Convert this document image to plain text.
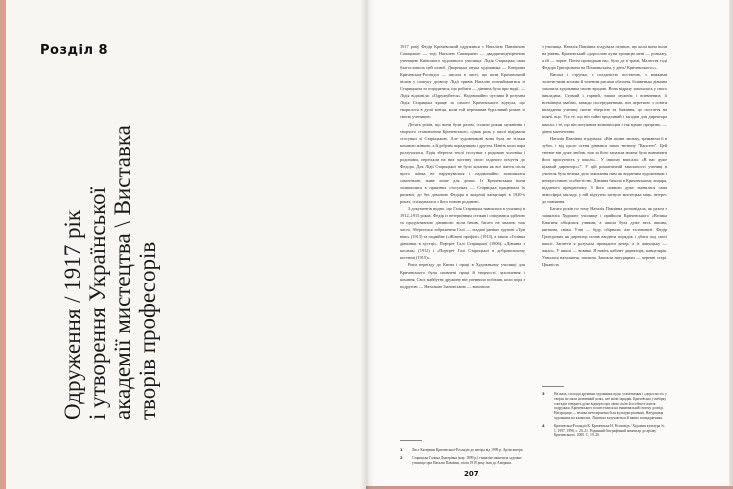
Розділ 8
Одруження / 1917 рік і утворення Української академії мистецтва \ Виставка творів професорів

1917 року Федір Кричевський одружився з Наталією Павлівною Сапацькою — тоді Наталею Сапацькою — двадцятиоднорічною ученицею Київського художнього училища. Лідія Старицька сама благословила цей шлюб. Дворецька онука художника — Катерина Кричевська-Росандіч — писала в листі, що коли Кричевський пішов у пошуку дозволу Лідії тривів Наталію познайомитися зі Старицьком та порадитися, що робити — дівчина була при надії, — Лідія відповіла: «Одружуйтеся». Надзвичайно чутлива й розумна Лідія Старицька краще за самого Кричевського відчула, що творилося в душі митця, коли той переживав бурхливий роман зі своєю ученицею.

Десять років, що вони були разом, сплили рокам мужніння і творчого становлення Кричевського, однак роль у змозі відірвали стосунки зі Старицькою. Але художникові вона була не тільки коханою жінкою, а й добрим порадником і другом. Навіть коли пара розлучилася, Лідія зберегла теплі стосунки з родиною чоловіка і родичами, переїхали на них частину свого гаданого почуття до Федора. Для Лідії Старицької не було кохання як все життя після цього жінка не наружувалася і надзвичайно залишилася самотньою, живе лише для дочки. Із Кричевським вони залишилися в приязних стосунках — Старицька працювала їх рипевої, до без домовою Федора в академії канцелярії в 1920-х роках, спілкувалася з його новою родиною.

З документів видно, що Галя Старицька навчалася в училищі в 1912–1915 роках. Федір із нетерпінням стежив і опікувався здібною та продуктивною дівчиною: коли бачив, багато не хвалив, тож часто. Збереглися зображення Галі — згадані раніше групові «Три віки» (1913) та подвійне («Жіночі профілі» (1913), а також «Голівка дівчинки в хустці». Портрет Галі Старицької (1906), «Дівчина з косами» (1912) і «Портрет Галі Старицької в добровольчому костюмі (1915)».

Роки переїзду до Києва і праці в Художньому училищі для Кричевського були сповнені праці й творчості, захоплення і кохання. Своє майбутнє дружину він упевнило побачив, коли пора з подругою — Наталкою Ізановською — вихопила

з училища. Наталія Павлівна згадувала пізніше, що коли вони ішли на рівень, Кричевський «дорослою куни тропицю мені — розкажу, а їй — чорне. Потім проводжав нас, було де в трамі, Малюстя тоді Федора Григоровича на Пошаньськім, у день! Кричевського»».

Висока і струнка, з погданістю постаною, з важкими золотистими косами й точеним рисами обличчя, білявенька дівчина захопила художника своєю вродою. Вона відразу закохалась у свого викладача. Стимий і гарний, таким мужнім і впевненим; її всемінцем звабаю, завжди посередженими, він перетягає з совіти вкладання учениці своєю енергією та бажання, це постаття на пояні, вцо. Усе те, що він тайні вродливий і загадки для директора школи, і те, що він потужним живописцем і так вдмно прецизно, — дівно магнетично.

Наталія Павлівна згадувала: «Він палив люльку, тримаючи її в зубах, і від цього осени рівнався запах тютюну "Капстен". Цей тютюн він дуже любив, тож за його запахом можна було визначити його присутність у школі»... У іншому вписали: «В нас дуже цікавий директор»»*. У цій романтичній закоханості учениці в учителя була велика доза закохання ним як видатним художником і непересічною особистістю. Дівчина бачила в Кричевському лицаря, відданого прекрасному. З його повною дуже змінилася сама атмосфера закладу, у ній відчутно загнуло мистецька міць, інтерес до навчання.

Багато років по тому Наталія Павлівна розповідала, як разом з зашилися Художнє училище і прийшли Кричевського «Велика Княгиня обіцялася учнями, а школа була дуже весь пишна, квіткова, свіжа. Учні — буду, обірвали, але талановиті. Федір Григорович як директор почав вводити порядок і дбати под своєї школі. Запитти я розуміла провадити вечер, а із жиноцьку — жили». У школі — вовнка. Я навіть кабінет директора, канцелярія. Узвилася наталяння, заплина. Закикли натурщики — черевні старі. Цікавість

1	Лист Катерини Кричевської-Росандіч до автора від 1999 р. Архів автора.
2	Старицька Галина Дмитрівна (нар. 1899 р.) гімназію закінчила художнє училище при Наталія Павлівні, після 1919 року їхав до Америки.
3	На жаль, спогади дружини художника щодо усамітнення і «дорослості» у творах не мали незвичний шлях, але мали зарядки. Кричевська у вибірку спогадів говорить дуже відверто про свою сім'ю й особисте життя подружжя. Кричевського пошестилися на змінювальній своєму досвіді. Натурщиця — велика нетолерантна біля культури рішення. Натурщиця художника на кламплях. Ліноваха залучаються й інших заощадженнях.
4	Кричевська-Росандіч К. Кричевська Н. Розповідь / Художня культура № 1, 1997. 1998, с. 20–21. Родинний біографічний коментар до архіву Кричевського. 2000. С. 19–20.
207
